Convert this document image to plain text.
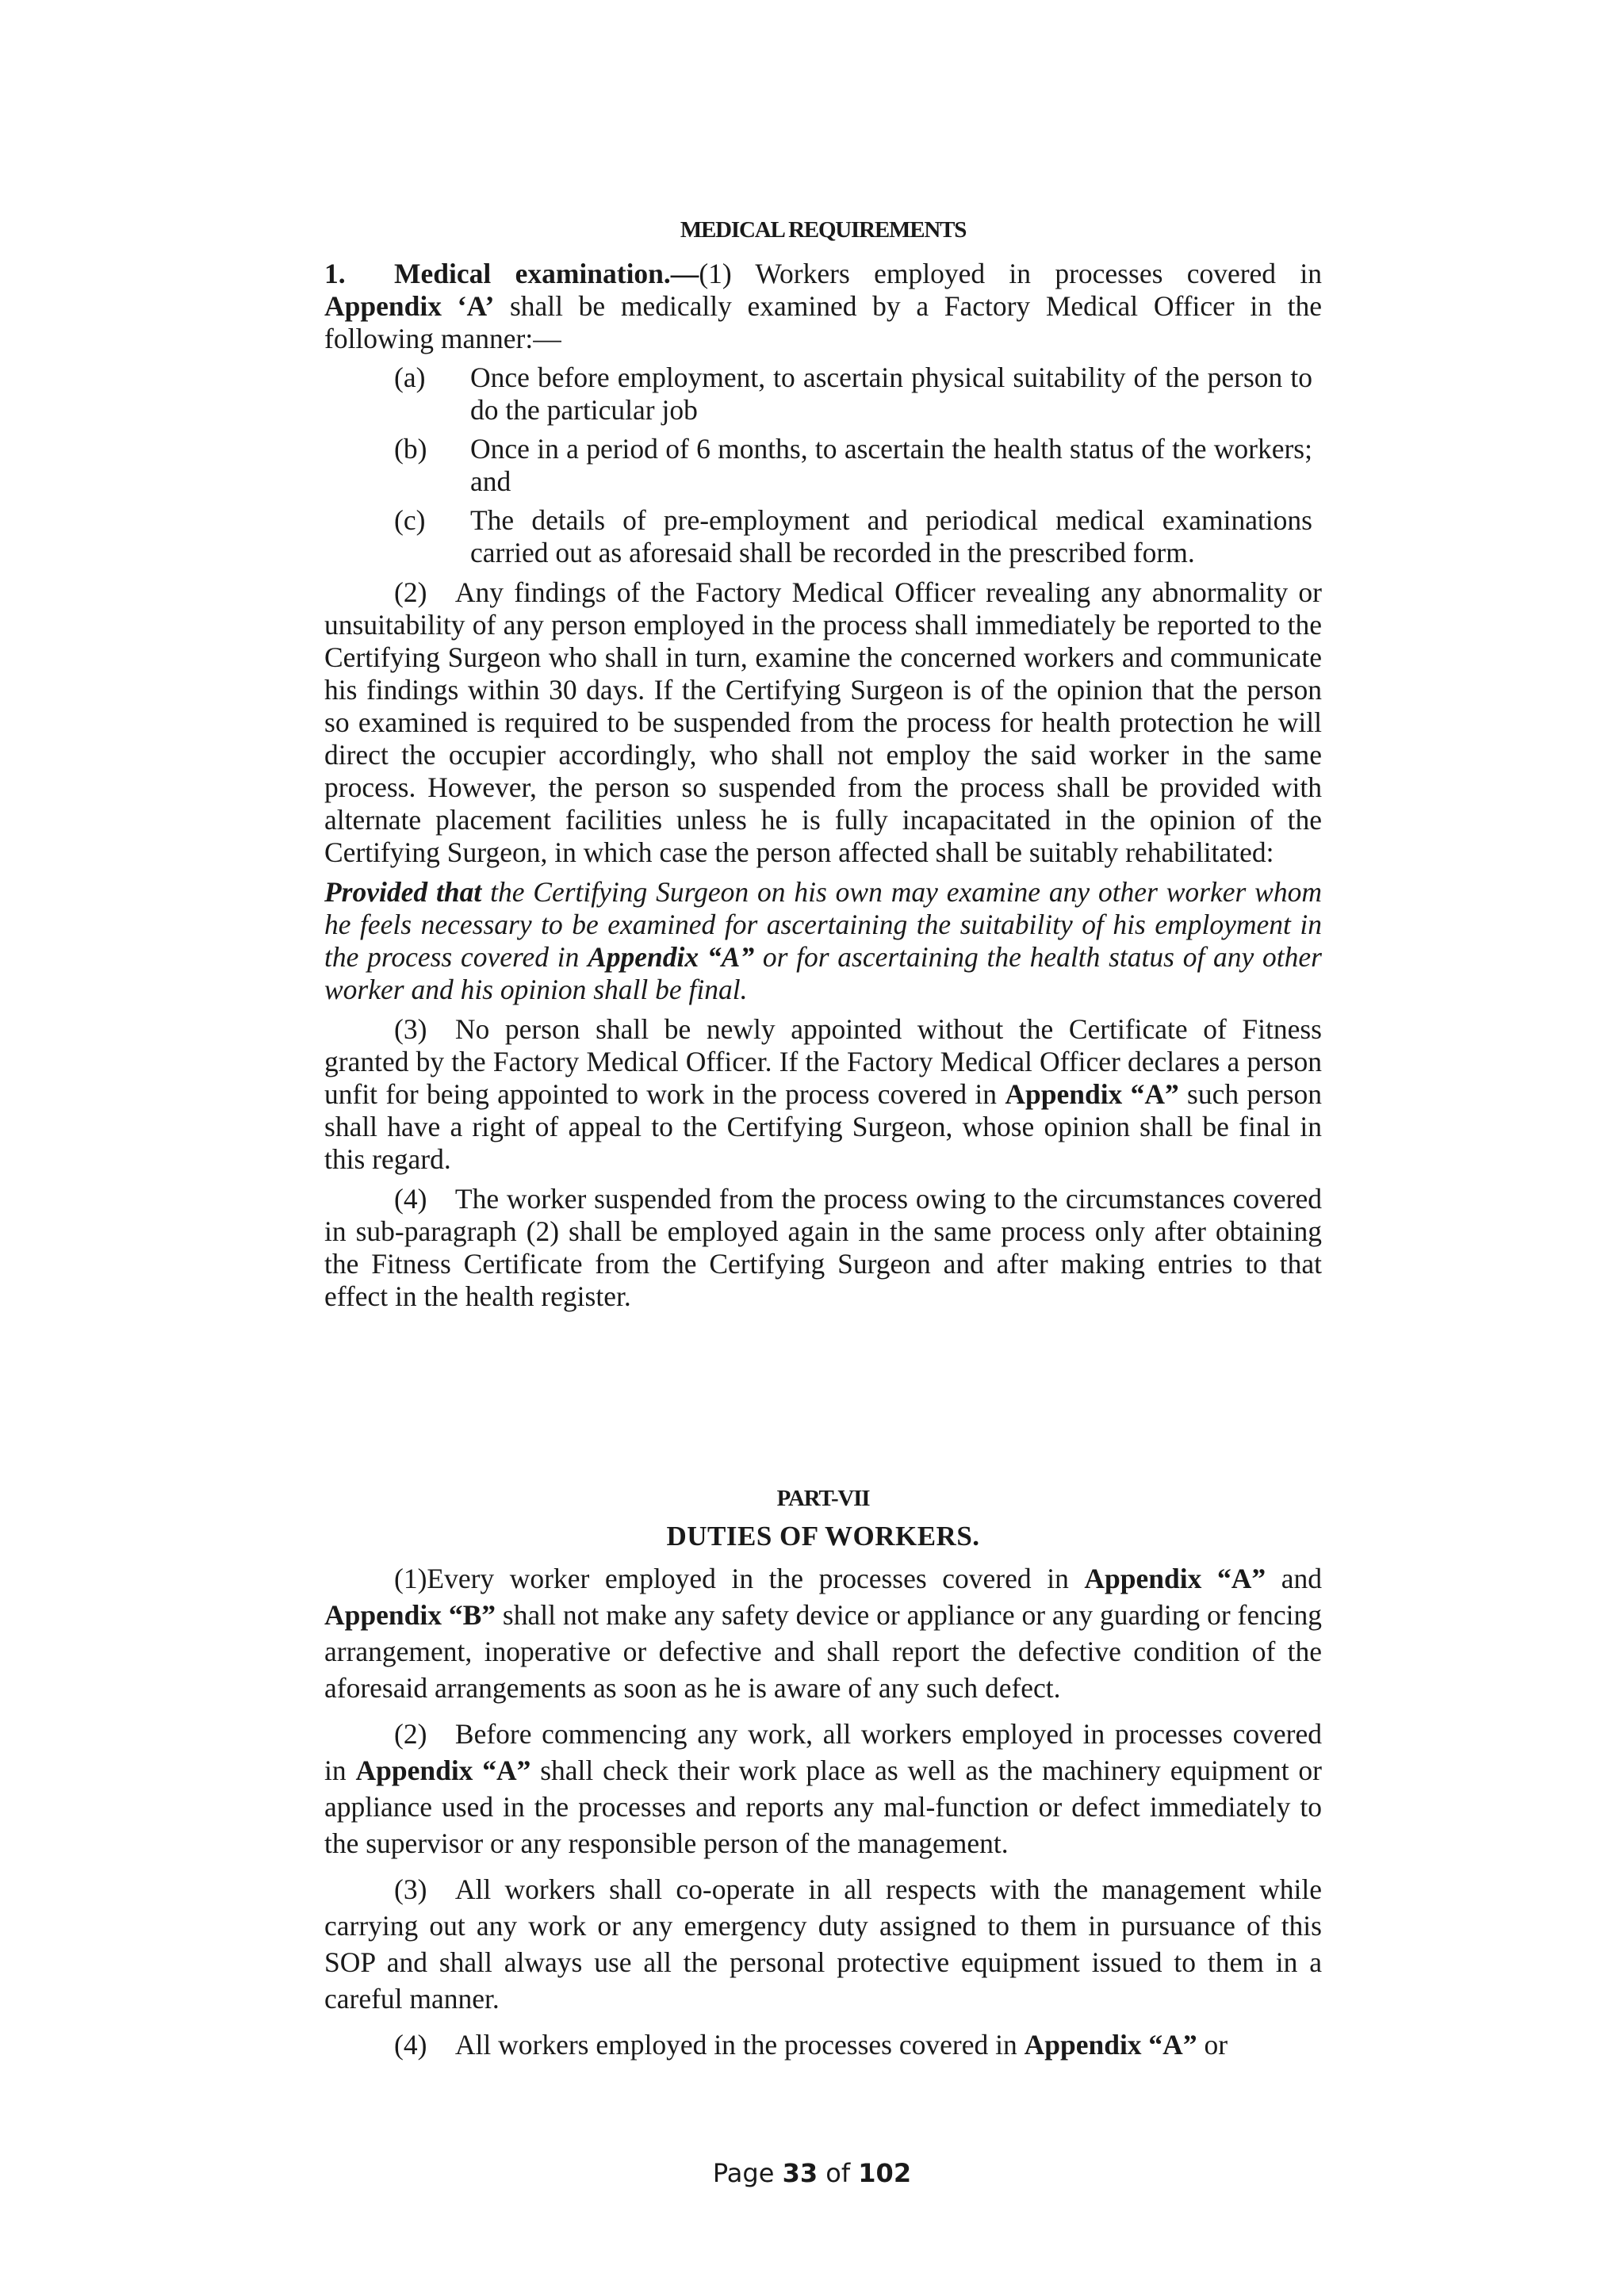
MEDICAL REQUIREMENTS

1. Medical examination.—(1) Workers employed in processes covered in Appendix ‘A’ shall be medically examined by a Factory Medical Officer in the following manner:—

(a)	Once before employment, to ascertain physical suitability of the person to do the particular job
(b)	Once in a period of 6 months, to ascertain the health status of the workers; and
(c)	The details of pre-employment and periodical medical examinations carried out as aforesaid shall be recorded in the prescribed form.

(2) Any findings of the Factory Medical Officer revealing any abnormality or unsuitability of any person employed in the process shall immediately be reported to the Certifying Surgeon who shall in turn, examine the concerned workers and communicate his findings within 30 days. If the Certifying Surgeon is of the opinion that the person so examined is required to be suspended from the process for health protection he will direct the occupier accordingly, who shall not employ the said worker in the same process. However, the person so suspended from the process shall be provided with alternate placement facilities unless he is fully incapacitated in the opinion of the Certifying Surgeon, in which case the person affected shall be suitably rehabilitated:

Provided that the Certifying Surgeon on his own may examine any other worker whom he feels necessary to be examined for ascertaining the suitability of his employment in the process covered in Appendix “A” or for ascertaining the health status of any other worker and his opinion shall be final.

(3) No person shall be newly appointed without the Certificate of Fitness granted by the Factory Medical Officer. If the Factory Medical Officer declares a person unfit for being appointed to work in the process covered in Appendix “A” such person shall have a right of appeal to the Certifying Surgeon, whose opinion shall be final in this regard.

(4) The worker suspended from the process owing to the circumstances covered in sub-paragraph (2) shall be employed again in the same process only after obtaining the Fitness Certificate from the Certifying Surgeon and after making entries to that effect in the health register.

PART-VII
DUTIES OF WORKERS.

(1)Every worker employed in the processes covered in Appendix “A” and Appendix “B” shall not make any safety device or appliance or any guarding or fencing arrangement, inoperative or defective and shall report the defective condition of the aforesaid arrangements as soon as he is aware of any such defect.

(2) Before commencing any work, all workers employed in processes covered in Appendix “A” shall check their work place as well as the machinery equipment or appliance used in the processes and reports any mal-function or defect immediately to the supervisor or any responsible person of the management.

(3) All workers shall co-operate in all respects with the management while carrying out any work or any emergency duty assigned to them in pursuance of this SOP and shall always use all the personal protective equipment issued to them in a careful manner.

(4) All workers employed in the processes covered in Appendix “A” or

Page 33 of 102
